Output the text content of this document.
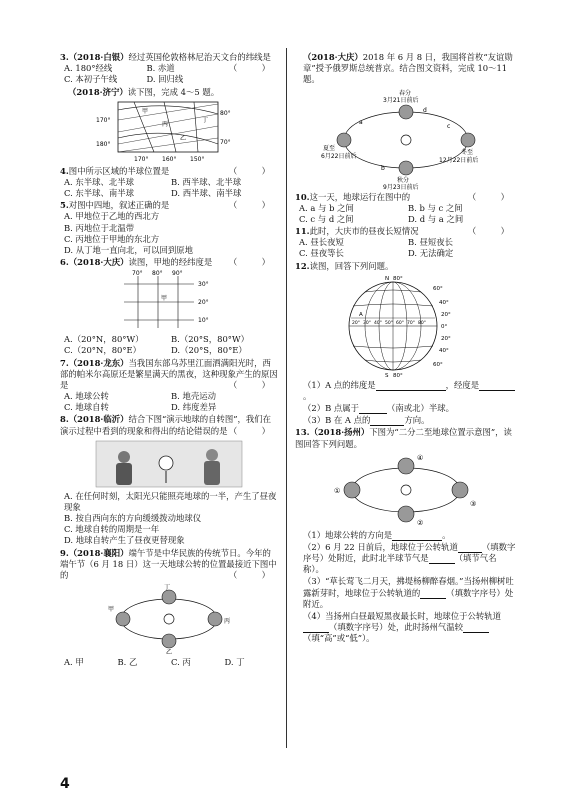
3.（2018·白银）经过英国伦敦格林尼治天文台的纬线是
（　）
A. 180°经线	B. 赤道
C. 本初子午线	D. 回归线
（2018·济宁）读下图，完成 4～5 题。
甲
丙
乙
丁
80°
70°
170°
180°
170° 160° 150°
4.图中所示区域的半球位置是	（　）
A. 东半球、北半球	B. 西半球、北半球
C. 东半球、南半球	D. 西半球、南半球
5.对图中四地，叙述正确的是	（　）
A. 甲地位于乙地的西北方
B. 丙地位于北温带
C. 丙地位于甲地的东北方
D. 从丁地一直向北，可以回到原地
6.（2018·大庆）读图，甲地的经纬度是 （　）
70° 80° 90°
30°
20°
10°
甲
A.（20°N，80°W）	B.（20°S，80°W）
C.（20°N，80°E）	D.（20°S，80°E）
7.（2018·龙东）当我国东部乌苏里江面洒满阳光时，西部的帕米尔高原还是繁星满天的黑夜，这种现象产生的原因是	（　）
A. 地球公转	B. 地壳运动
C. 地球自转	D. 纬度差异
8.（2018·临沂）结合下图“演示地球的自转图”，我们在演示过程中看到的现象和得出的结论错误的是 （　）
A. 在任何时刻，太阳光只能照亮地球的一半，产生了昼夜现象
B. 按自西向东的方向缓缓拨动地球仪
C. 地球自转的周期是一年
D. 地球自转产生了昼夜更替现象
9.（2018·襄阳）端午节是中华民族的传统节日。今年的端午节（6 月 18 日）这一天地球公转的位置最接近下图中的	（　）
丁
甲
丙
乙
A. 甲	B. 乙	C. 丙	D. 丁
（2018·大庆）2018 年 6 月 8 日，我国将首枚“友谊勋章”授予俄罗斯总统普京。结合图文资料，完成 10～11 题。
春分
3月21日前后
夏至
6月22日前后
秋分
9月23日前后
冬至
12月22日前后
a
b
c
d
10.这一天，地球运行在图中的	（　）
A. a 与 b 之间	B. b 与 c 之间
C. c 与 d 之间	D. d 与 a 之间
11.此时，大庆市的昼夜长短情况	（　）
A. 昼长夜短	B. 昼短夜长
C. 昼夜等长	D. 无法确定
12.读图，回答下列问题。
N 80°
60°
40°
20°
0°
20°
40°
60°
S 80°
A
20° 30° 40° 50° 60° 70° 80°
（1）A 点的纬度是	，经度是。
（2）B 点属于	（南或北）半球。
（3）B 在 A 点的	方向。
13.（2018·扬州）下图为“二分二至地球位置示意图”，读图回答下列问题。
①
②
③
④
（1）地球公转的方向是	。
（2）6 月 22 日前后，地球位于公转轨道	（填数字序号）处附近，此时北半球节气是	（填节气名称）。
（3）“草长莺飞二月天，拂堤杨柳醉春烟。”当扬州柳树吐露新芽时，地球位于公转轨道的	（填数字序号）处附近。
（4）当扬州白昼最短黑夜最长时，地球位于公转轨道（填数字序号）处，此时扬州气温较（填“高”或“低”）。
4
